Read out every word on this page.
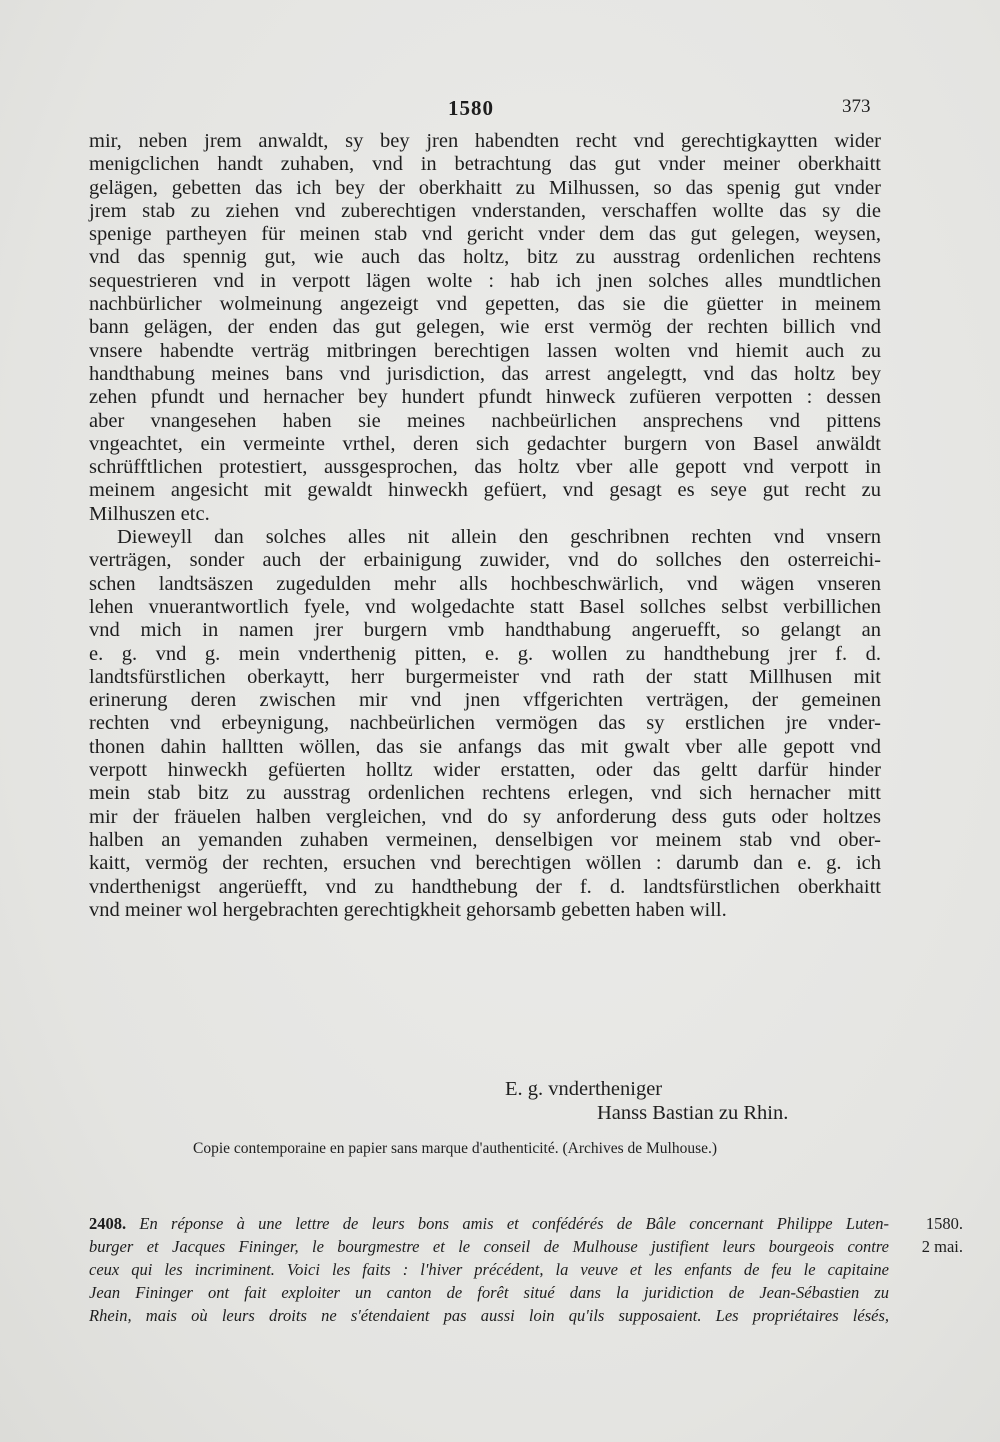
1580	373
mir, neben jrem anwaldt, sy bey jren habendten recht vnd gerechtigkaytten wider
menigclichen handt zuhaben, vnd in betrachtung das gut vnder meiner oberkhaitt
gelägen, gebetten das ich bey der oberkhaitt zu Milhussen, so das spenig gut vnder
jrem stab zu ziehen vnd zuberechtigen vnderstanden, verschaffen wollte das sy die
spenige partheyen für meinen stab vnd gericht vnder dem das gut gelegen, weysen,
vnd das spennig gut, wie auch das holtz, bitz zu ausstrag ordenlichen rechtens
sequestrieren vnd in verpott lägen wolte : hab ich jnen solches alles mundtlichen
nachbürlicher wolmeinung angezeigt vnd gepetten, das sie die güetter in meinem
bann gelägen, der enden das gut gelegen, wie erst vermög der rechten billich vnd
vnsere habendte verträg mitbringen berechtigen lassen wolten vnd hiemit auch zu
handthabung meines bans vnd jurisdiction, das arrest angelegtt, vnd das holtz bey
zehen pfundt und hernacher bey hundert pfundt hinweck zufüeren verpotten : dessen
aber vnangesehen haben sie meines nachbeürlichen ansprechens vnd pittens
vngeachtet, ein vermeinte vrthel, deren sich gedachter burgern von Basel anwäldt
schrüfftlichen protestiert, aussgesprochen, das holtz vber alle gepott vnd verpott in
meinem angesicht mit gewaldt hinweckh gefüert, vnd gesagt es seye gut recht zu
Milhuszen etc.
Dieweyll dan solches alles nit allein den geschribnen rechten vnd vnsern
verträgen, sonder auch der erbainigung zuwider, vnd do sollches den osterreichi-
schen landtsäszen zugedulden mehr alls hochbeschwärlich, vnd wägen vnseren
lehen vnuerantwortlich fyele, vnd wolgedachte statt Basel sollches selbst verbillichen
vnd mich in namen jrer burgern vmb handthabung angeruefft, so gelangt an
e. g. vnd g. mein vnderthenig pitten, e. g. wollen zu handthebung jrer f. d.
landtsfürstlichen oberkaytt, herr burgermeister vnd rath der statt Millhusen mit
erinerung deren zwischen mir vnd jnen vffgerichten verträgen, der gemeinen
rechten vnd erbeynigung, nachbeürlichen vermögen das sy erstlichen jre vnder-
thonen dahin halltten wöllen, das sie anfangs das mit gwalt vber alle gepott vnd
verpott hinweckh gefüerten holltz wider erstatten, oder das geltt darfür hinder
mein stab bitz zu ausstrag ordenlichen rechtens erlegen, vnd sich hernacher mitt
mir der fräuelen halben vergleichen, vnd do sy anforderung dess guts oder holtzes
halben an yemanden zuhaben vermeinen, denselbigen vor meinem stab vnd ober-
kaitt, vermög der rechten, ersuchen vnd berechtigen wöllen : darumb dan e. g. ich
vnderthenigst angerüefft, vnd zu handthebung der f. d. landtsfürstlichen oberkhaitt
vnd meiner wol hergebrachten gerechtigkheit gehorsamb gebetten haben will.
E. g. vndertheniger
Hanss Bastian zu Rhin.
Copie contemporaine en papier sans marque d'authenticité. (Archives de Mulhouse.)
2408. En réponse à une lettre de leurs bons amis et confédérés de Bâle concernant Philippe Luten-
burger et Jacques Fininger, le bourgmestre et le conseil de Mulhouse justifient leurs bourgeois contre
ceux qui les incriminent. Voici les faits : l'hiver précédent, la veuve et les enfants de feu le capitaine
Jean Fininger ont fait exploiter un canton de forêt situé dans la juridiction de Jean-Sébastien zu
Rhein, mais où leurs droits ne s'étendaient pas aussi loin qu'ils supposaient. Les propriétaires lésés,
1580.
2 mai.
